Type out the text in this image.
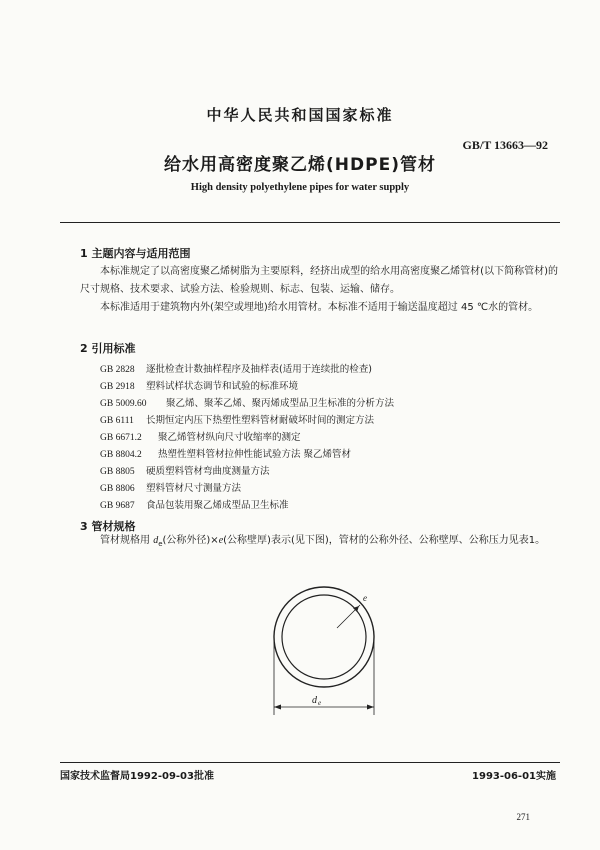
中华人民共和国国家标准
GB/T 13663—92
给水用高密度聚乙烯(HDPE)管材
High density polyethylene pipes for water supply
1 主题内容与适用范围
本标准规定了以高密度聚乙烯树脂为主要原料，经挤出成型的给水用高密度聚乙烯管材(以下简称管材)的尺寸规格、技术要求、试验方法、检验规则、标志、包装、运输、储存。
本标准适用于建筑物内外(架空或埋地)给水用管材。本标准不适用于输送温度超过 45 ℃水的管材。
2 引用标准
GB 2828 逐批检查计数抽样程序及抽样表(适用于连续批的检查)
GB 2918 塑料试样状态调节和试验的标准环境
GB 5009.60 聚乙烯、聚苯乙烯、聚丙烯成型品卫生标准的分析方法
GB 6111 长期恒定内压下热塑性塑料管材耐破坏时间的测定方法
GB 6671.2 聚乙烯管材纵向尺寸收缩率的测定
GB 8804.2 热塑性塑料管材拉伸性能试验方法 聚乙烯管材
GB 8805 硬质塑料管材弯曲度测量方法
GB 8806 塑料管材尺寸测量方法
GB 9687 食品包装用聚乙烯成型品卫生标准
3 管材规格
管材规格用 $d_e$(公称外径)×e(公称壁厚)表示(见下图)，管材的公称外径、公称壁厚、公称压力见表1。
e
d e
国家技术监督局1992-09-03批准	1993-06-01实施
271
